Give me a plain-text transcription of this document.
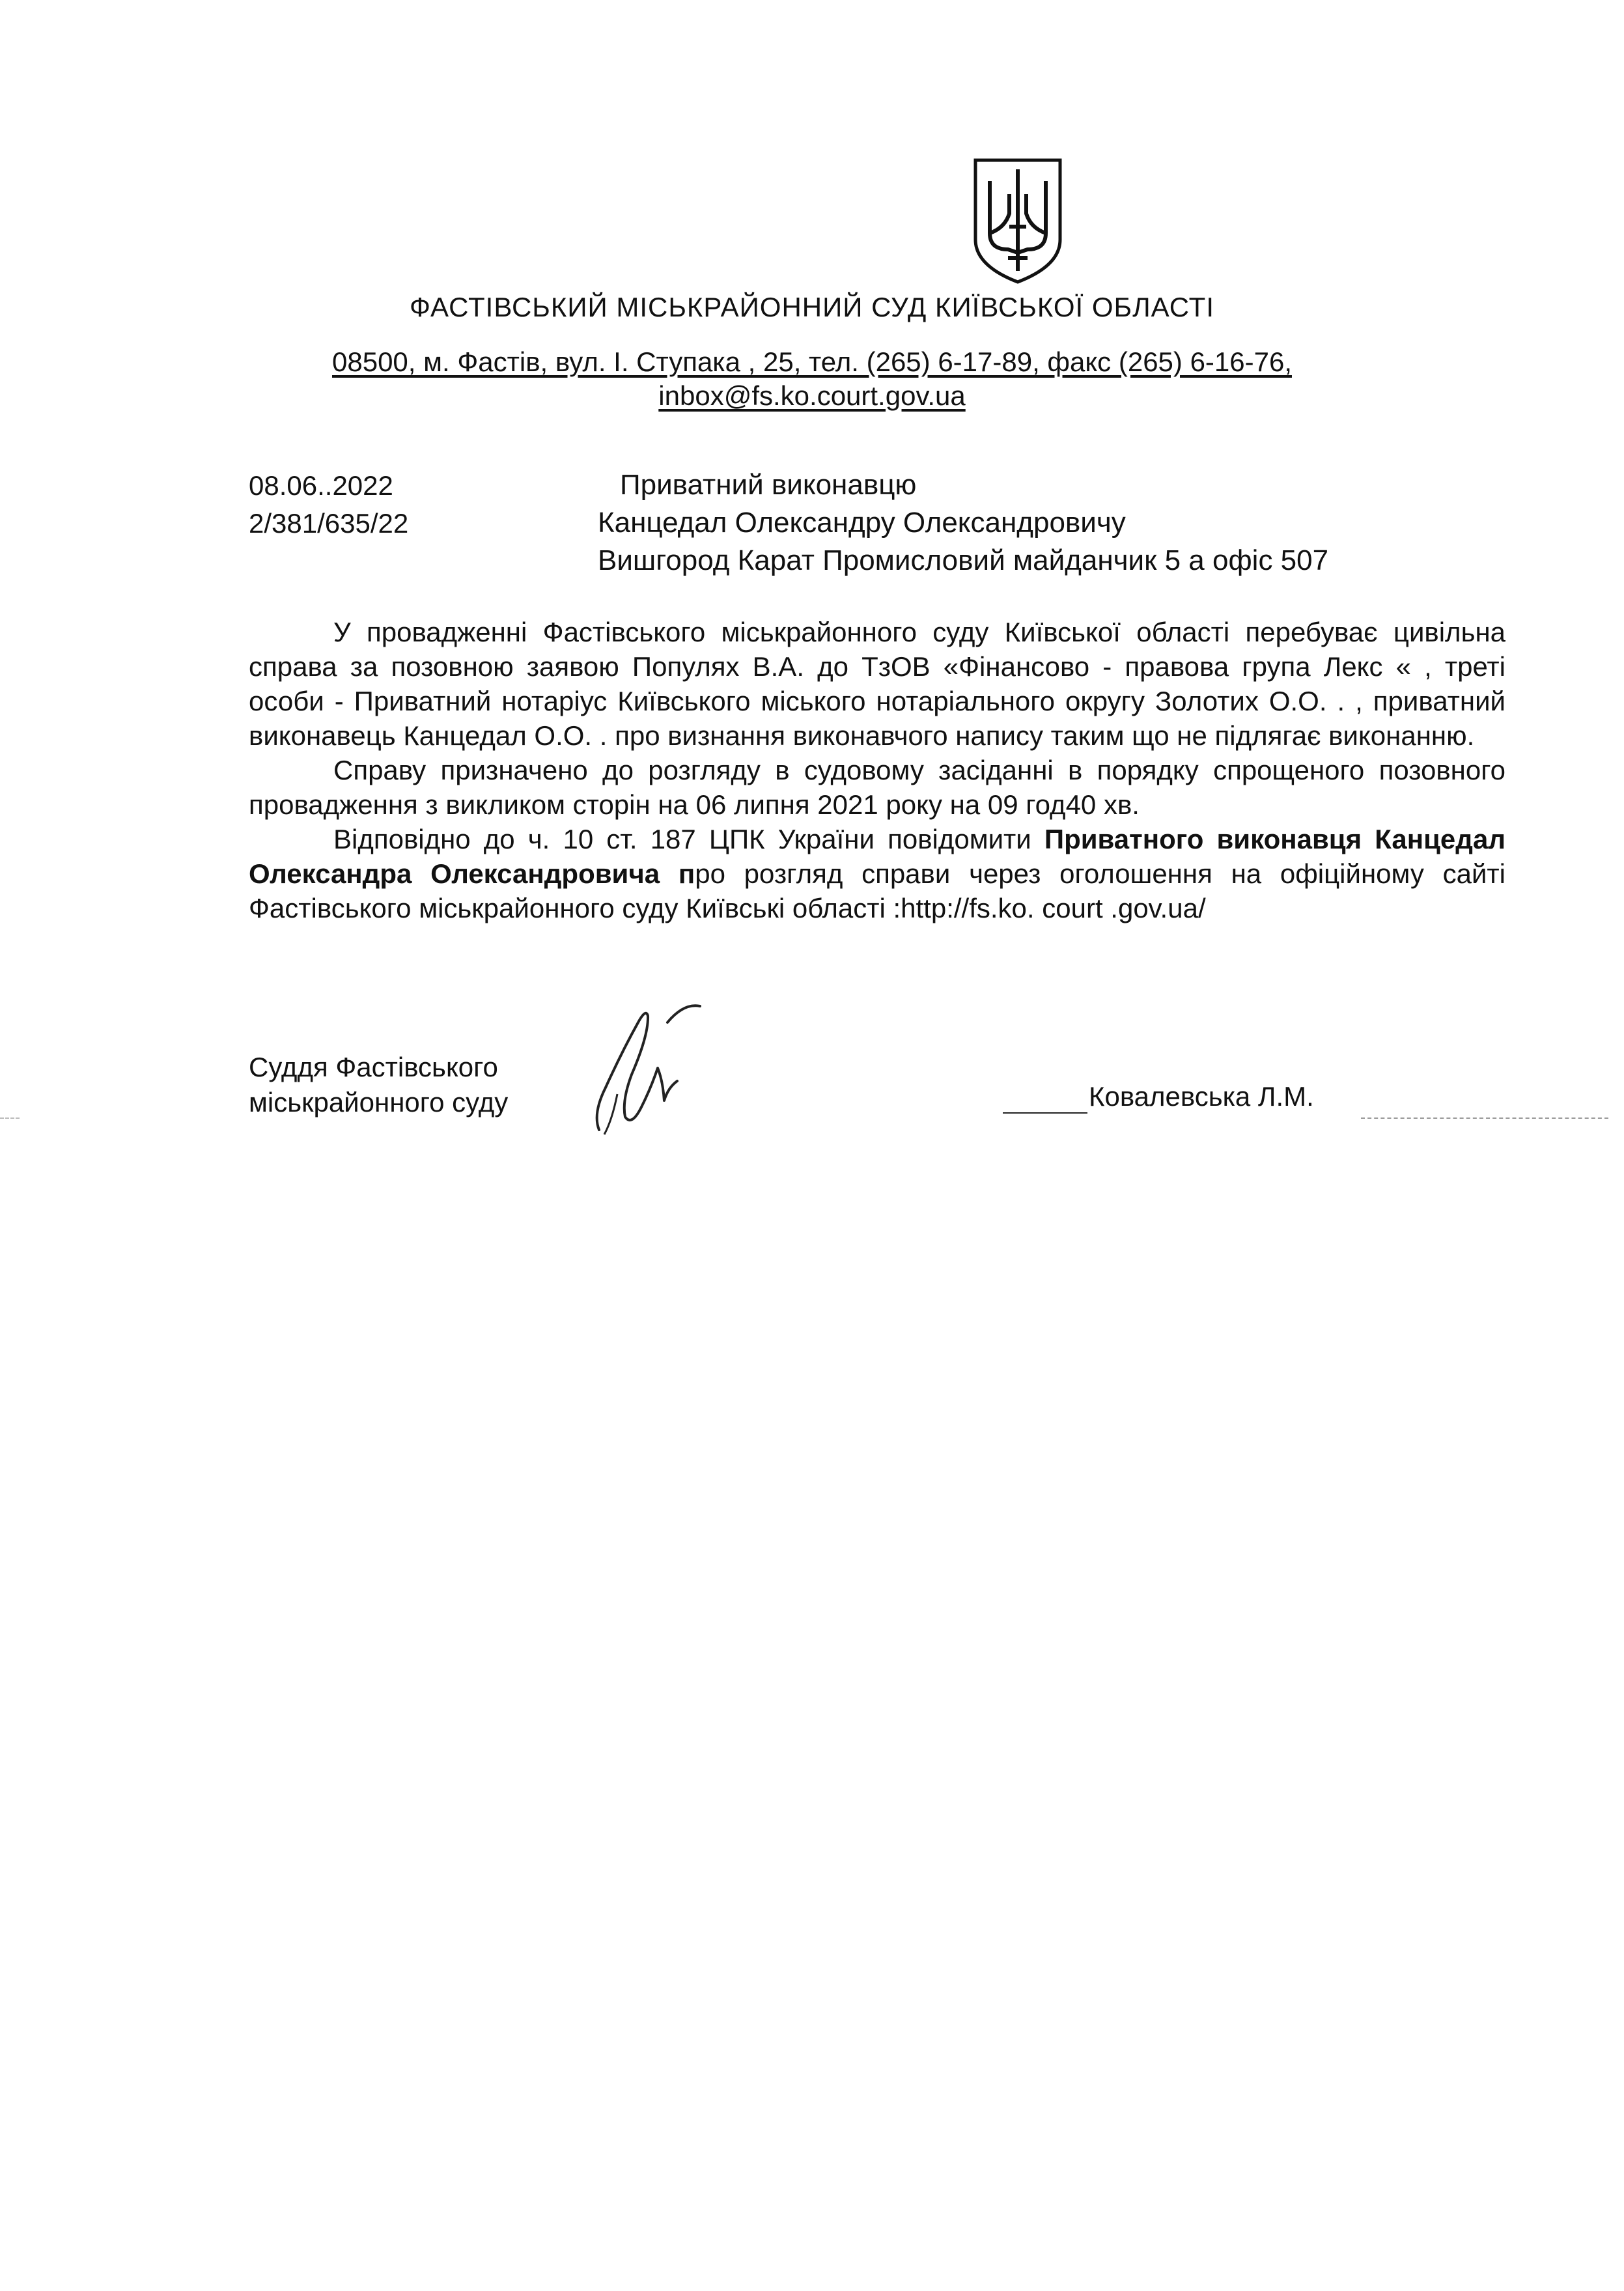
ФАСТІВСЬКИЙ МІСЬКРАЙОННИЙ СУД КИЇВСЬКОЇ ОБЛАСТІ
08500, м. Фастів, вул. І. Ступака , 25, тел. (265) 6-17-89, факс (265) 6-16-76,
inbox@fs.ko.court.gov.ua
08.06..2022
2/381/635/22
Приватний виконавцю
Канцедал Олександру Олександровичу
Вишгород Карат Промисловий майданчик 5 а офіс 507

У провадженні Фастівського міськрайонного суду Київської області перебуває цивільна справа за позовною заявою Популях В.А. до ТзОВ «Фінансово - правова група Лекс « , треті особи - Приватний нотаріус Київського міського нотаріального округу Золотих О.О. . , приватний виконавець Канцедал О.О. . про визнання виконавчого напису таким що не підлягає виконанню.

Справу призначено до розгляду в судовому засіданні в порядку спрощеного позовного провадження з викликом сторін на 06 липня 2021 року на 09 год40 хв.

Відповідно до ч. 10 ст. 187 ЦПК України повідомити Приватного виконавця Канцедал Олександра Олександровича про розгляд справи через оголошення на офіційному сайті Фастівського міськрайонного суду Київські області :http://fs.ko. court .gov.ua/

Суддя Фастівського
міськрайонного суду	Ковалевська Л.М.
